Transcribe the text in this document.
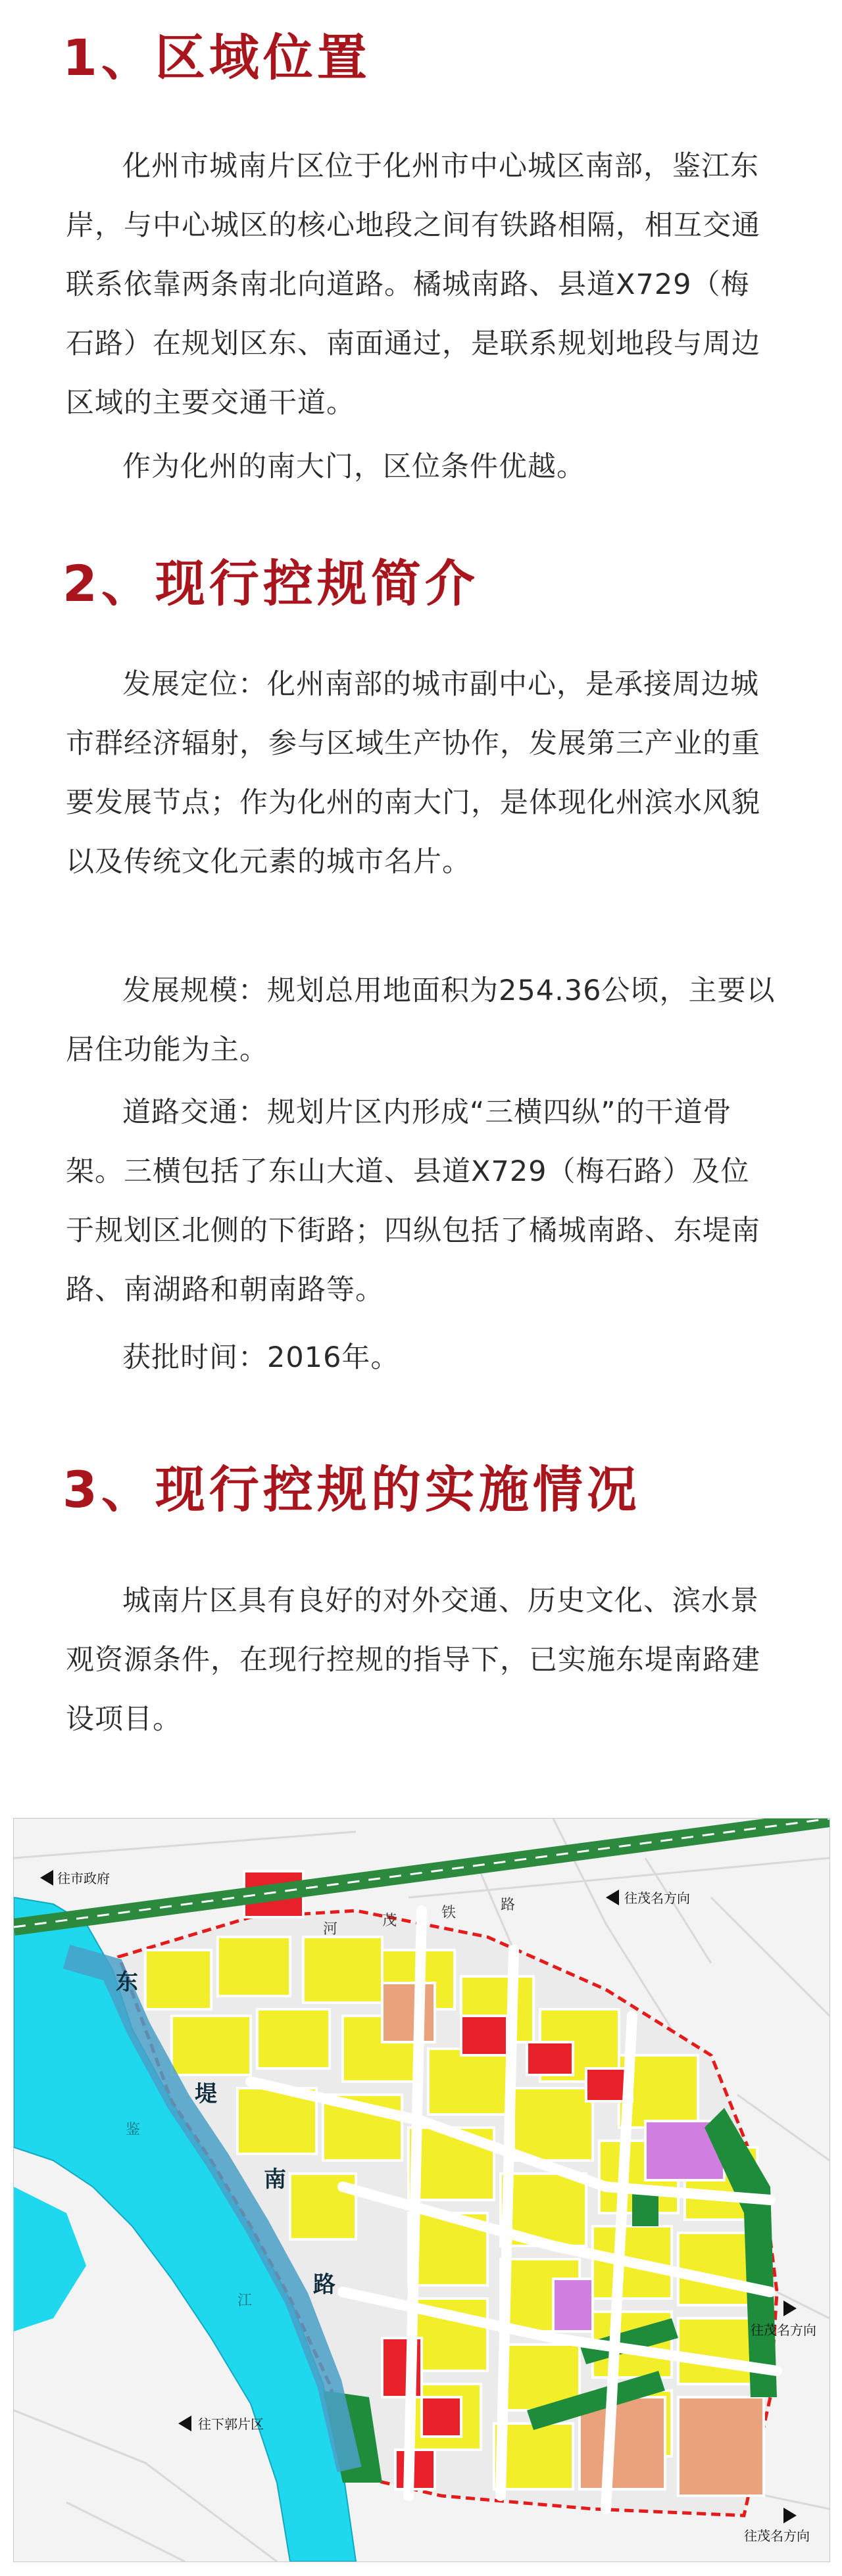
1、区域位置

化州市城南片区位于化州市中心城区南部，鉴江东岸，与中心城区的核心地段之间有铁路相隔，相互交通联系依靠两条南北向道路。橘城南路、县道X729（梅石路）在规划区东、南面通过，是联系规划地段与周边区域的主要交通干道。

作为化州的南大门，区位条件优越。

2、现行控规简介

发展定位：化州南部的城市副中心，是承接周边城市群经济辐射，参与区域生产协作，发展第三产业的重要发展节点；作为化州的南大门，是体现化州滨水风貌以及传统文化元素的城市名片。

发展规模：规划总用地面积为254.36公顷，主要以居住功能为主。

道路交通：规划片区内形成“三横四纵”的干道骨架。三横包括了东山大道、县道X729（梅石路）及位于规划区北侧的下街路；四纵包括了橘城南路、东堤南路、南湖路和朝南路等。

获批时间：2016年。

3、现行控规的实施情况

城南片区具有良好的对外交通、历史文化、滨水景观资源条件，在现行控规的指导下，已实施东堤南路建设项目。

往市政府
往茂名方向
往茂名方向
往茂名方向
往下郭片区
河
茂	铁	路
鉴
江
东
堤
南
路
